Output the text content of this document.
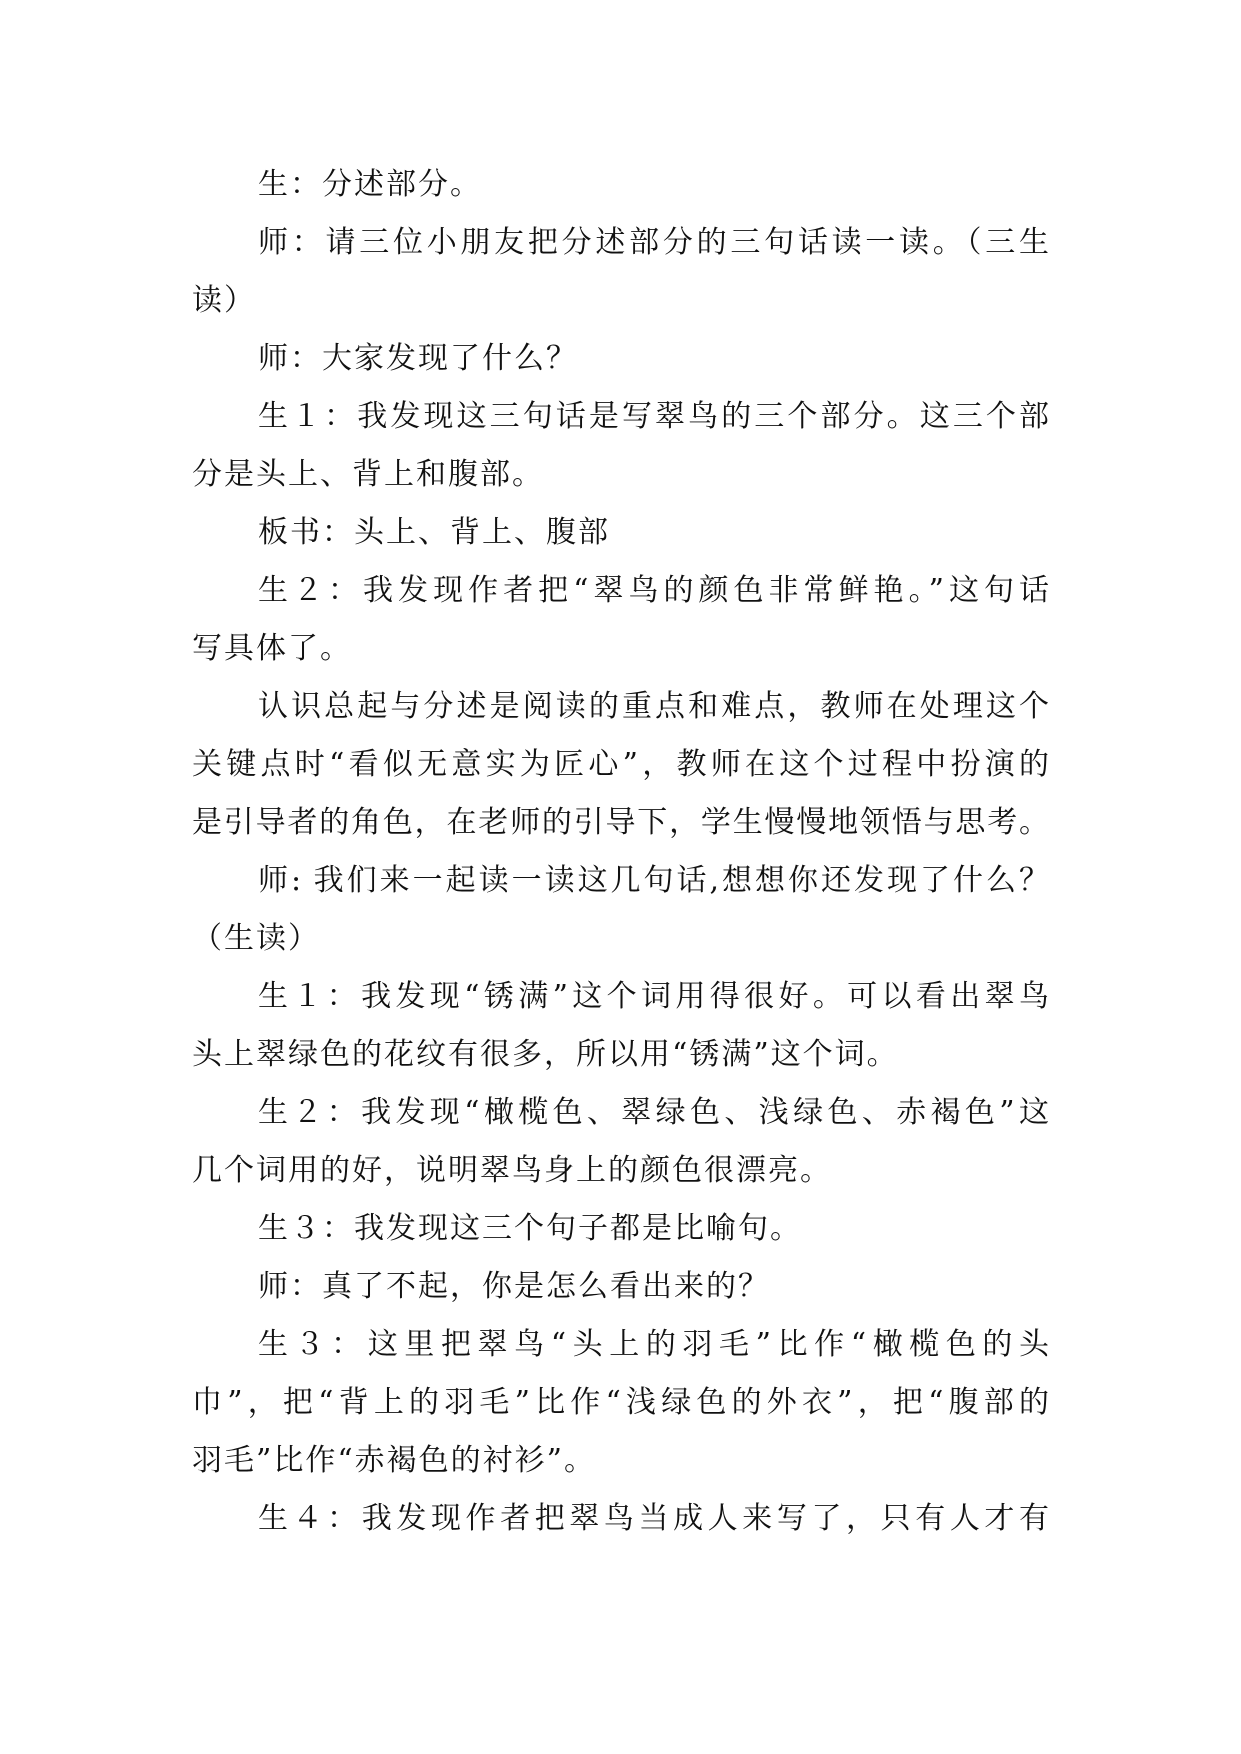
生：分述部分。
师：请三位小朋友把分述部分的三句话读一读。（三生
读）
师：大家发现了什么？
生１：我发现这三句话是写翠鸟的三个部分。这三个部
分是头上、背上和腹部。
板书：头上、背上、腹部
生２：我发现作者把“翠鸟的颜色非常鲜艳。”这句话
写具体了。
认识总起与分述是阅读的重点和难点，教师在处理这个
关键点时“看似无意实为匠心”，教师在这个过程中扮演的
是引导者的角色，在老师的引导下，学生慢慢地领悟与思考。
师: 我们来一起读一读这几句话,想想你还发现了什么？
（生读）
生１：我发现“锈满”这个词用得很好。可以看出翠鸟
头上翠绿色的花纹有很多，所以用“锈满”这个词。
生２：我发现“橄榄色、翠绿色、浅绿色、赤褐色”这
几个词用的好，说明翠鸟身上的颜色很漂亮。
生３：我发现这三个句子都是比喻句。
师：真了不起，你是怎么看出来的？
生３：这里把翠鸟“头上的羽毛”比作“橄榄色的头
巾”，把“背上的羽毛”比作“浅绿色的外衣”，把“腹部的
羽毛”比作“赤褐色的衬衫”。
生４：我发现作者把翠鸟当成人来写了，只有人才有
